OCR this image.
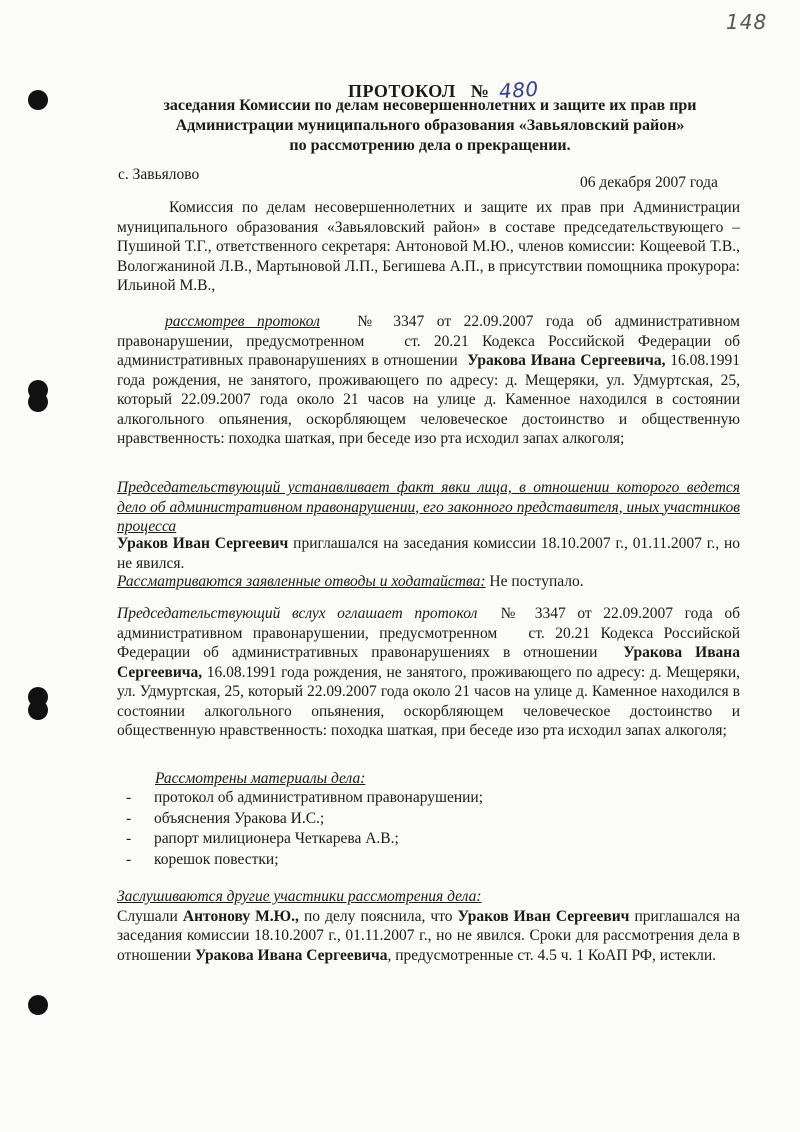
148
ПРОТОКОЛ   № 480
заседания Комиссии по делам несовершеннолетних и защите их прав при
Администрации муниципального образования «Завьяловский район»
по рассмотрению дела о прекращении.
с. Завьялово	06 декабря 2007 года
Комиссия по делам несовершеннолетних и защите их прав при Администрации муниципального образования «Завьяловский район» в составе председательствующего – Пушиной Т.Г., ответственного секретаря: Антоновой М.Ю., членов комиссии: Кощеевой Т.В., Вологжаниной Л.В., Мартыновой Л.П., Бегишева А.П., в присутствии помощника прокурора: Ильиной М.В.,
рассмотрев протокол   № 3347 от 22.09.2007 года об административном правонарушении, предусмотренном   ст. 20.21 Кодекса Российской Федерации об административных правонарушениях в отношении  Уракова Ивана Сергеевича, 16.08.1991 года рождения, не занятого, проживающего по адресу: д. Мещеряки, ул. Удмуртская, 25, который 22.09.2007 года около 21 часов на улице д. Каменное находился в состоянии алкогольного опьянения, оскорбляющем человеческое достоинство и общественную нравственность: походка шаткая, при беседе изо рта исходил запах алкоголя;
Председательствующий устанавливает факт явки лица, в отношении которого ведется дело об административном правонарушении, его законного представителя, иных участников процесса
Ураков Иван Сергеевич приглашался на заседания комиссии 18.10.2007 г., 01.11.2007 г., но не явился.
Рассматриваются заявленные отводы и ходатайства: Не поступало.
Председательствующий вслух оглашает протокол  № 3347 от 22.09.2007 года об административном правонарушении, предусмотренном   ст. 20.21 Кодекса Российской Федерации об административных правонарушениях в отношении  Уракова Ивана Сергеевича, 16.08.1991 года рождения, не занятого, проживающего по адресу: д. Мещеряки, ул. Удмуртская, 25, который 22.09.2007 года около 21 часов на улице д. Каменное находился в состоянии алкогольного опьянения, оскорбляющем человеческое достоинство и общественную нравственность: походка шаткая, при беседе изо рта исходил запах алкоголя;
Рассмотрены материалы дела:
- протокол об административном правонарушении;
- объяснения Уракова И.С.;
- рапорт милиционера Четкарева А.В.;
- корешок повестки;
Заслушиваются другие участники рассмотрения дела:
Слушали Антонову М.Ю., по делу пояснила, что Ураков Иван Сергеевич приглашался на заседания комиссии 18.10.2007 г., 01.11.2007 г., но не явился. Сроки для рассмотрения дела в отношении Уракова Ивана Сергеевича, предусмотренные ст. 4.5 ч. 1 КоАП РФ, истекли.
